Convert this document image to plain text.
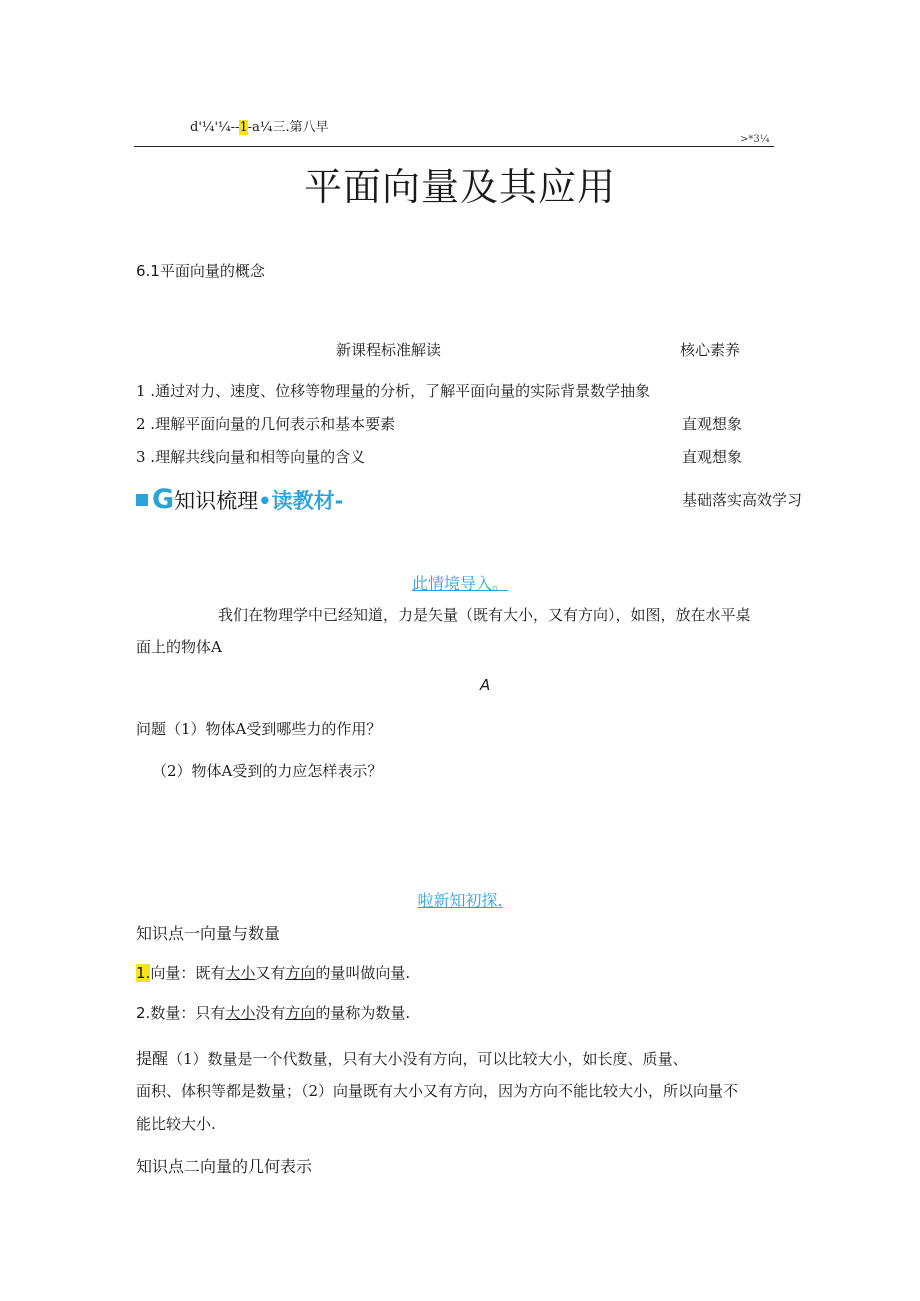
d'¼'¼--1-a¼三.第八早
>*3¼
平面向量及其应用
6.1平面向量的概念
新课程标准解读	核心素养
1 .通过对力、速度、位移等物理量的分析，了解平面向量的实际背景数学抽象
2 .理解平面向量的几何表示和基本要素	直观想象
3 .理解共线向量和相等向量的含义	直观想象
G知识梳理•读教材-	基础落实高效学习
此情境导入。
我们在物理学中已经知道，力是矢量（既有大小，又有方向），如图，放在水平桌
面上的物体A
A
问题（1）物体A受到哪些力的作用？
（2）物体A受到的力应怎样表示？
啦新知初探.
知识点一向量与数量
1.向量：既有大小又有方向的量叫做向量.
2.数量：只有大小没有方向的量称为数量.
提醒（1）数量是一个代数量，只有大小没有方向，可以比较大小，如长度、质量、
面积、体积等都是数量；（2）向量既有大小又有方向，因为方向不能比较大小，所以向量不
能比较大小.
知识点二向量的几何表示
